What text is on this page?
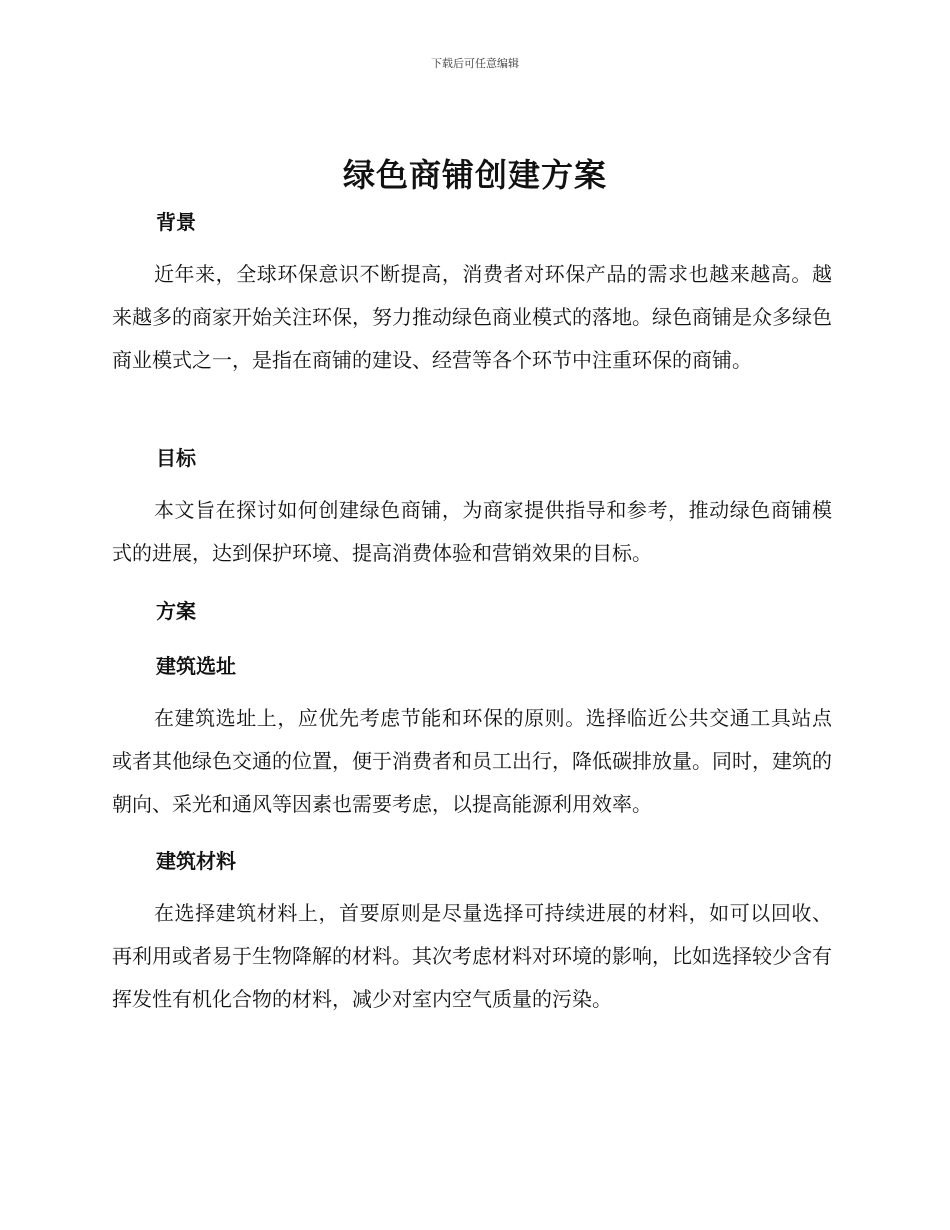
下载后可任意编辑
绿色商铺创建方案
背景

近年来，全球环保意识不断提高，消费者对环保产品的需求也越来越高。越来越多的商家开始关注环保，努力推动绿色商业模式的落地。绿色商铺是众多绿色商业模式之一，是指在商铺的建设、经营等各个环节中注重环保的商铺。

目标

本文旨在探讨如何创建绿色商铺，为商家提供指导和参考，推动绿色商铺模式的进展，达到保护环境、提高消费体验和营销效果的目标。

方案
建筑选址

在建筑选址上，应优先考虑节能和环保的原则。选择临近公共交通工具站点或者其他绿色交通的位置，便于消费者和员工出行，降低碳排放量。同时，建筑的朝向、采光和通风等因素也需要考虑，以提高能源利用效率。

建筑材料

在选择建筑材料上，首要原则是尽量选择可持续进展的材料，如可以回收、再利用或者易于生物降解的材料。其次考虑材料对环境的影响，比如选择较少含有挥发性有机化合物的材料，减少对室内空气质量的污染。
